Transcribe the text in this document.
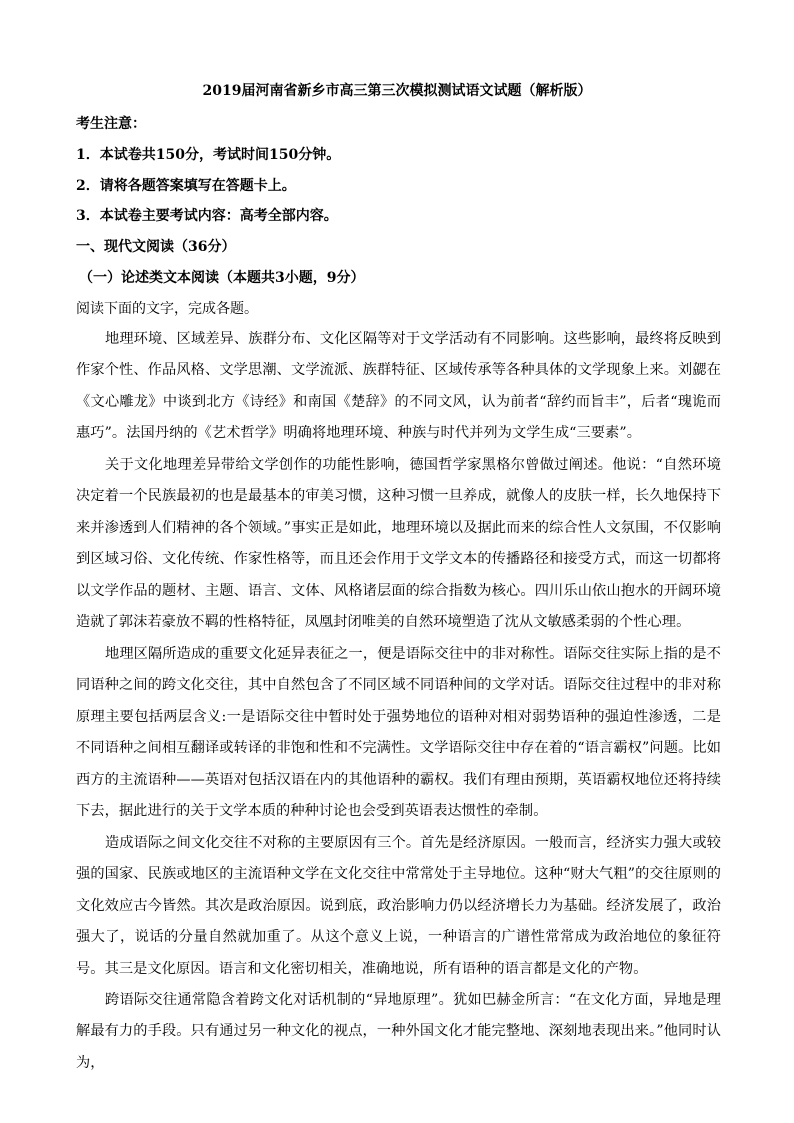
2019届河南省新乡市高三第三次模拟测试语文试题（解析版）
考生注意：
1．本试卷共150分，考试时间150分钟。
2．请将各题答案填写在答题卡上。
3．本试卷主要考试内容：高考全部内容。
一、现代文阅读（36分）
（一）论述类文本阅读（本题共3小题，9分）
阅读下面的文字，完成各题。

地理环境、区域差异、族群分布、文化区隔等对于文学活动有不同影响。这些影响，最终将反映到作家个性、作品风格、文学思潮、文学流派、族群特征、区域传承等各种具体的文学现象上来。刘勰在《文心雕龙》中谈到北方《诗经》和南国《楚辞》的不同文风，认为前者“辞约而旨丰”，后者“瑰诡而惠巧”。法国丹纳的《艺术哲学》明确将地理环境、种族与时代并列为文学生成“三要素”。

关于文化地理差异带给文学创作的功能性影响，德国哲学家黑格尔曾做过阐述。他说：“自然环境决定着一个民族最初的也是最基本的审美习惯，这种习惯一旦养成，就像人的皮肤一样，长久地保持下来并渗透到人们精神的各个领域。”事实正是如此，地理环境以及据此而来的综合性人文氛围，不仅影响到区域习俗、文化传统、作家性格等，而且还会作用于文学文本的传播路径和接受方式，而这一切都将以文学作品的题材、主题、语言、文体、风格诸层面的综合指数为核心。四川乐山依山抱水的开阔环境造就了郭沫若豪放不羁的性格特征，凤凰封闭唯美的自然环境塑造了沈从文敏感柔弱的个性心理。

地理区隔所造成的重要文化延异表征之一，便是语际交往中的非对称性。语际交往实际上指的是不同语种之间的跨文化交往，其中自然包含了不同区域不同语种间的文学对话。语际交往过程中的非对称原理主要包括两层含义:一是语际交往中暂时处于强势地位的语种对相对弱势语种的强迫性渗透，二是不同语种之间相互翻译或转译的非饱和性和不完满性。文学语际交往中存在着的“语言霸权”问题。比如西方的主流语种——英语对包括汉语在内的其他语种的霸权。我们有理由预期，英语霸权地位还将持续下去，据此进行的关于文学本质的种种讨论也会受到英语表达惯性的牵制。

造成语际之间文化交往不对称的主要原因有三个。首先是经济原因。一般而言，经济实力强大或较强的国家、民族或地区的主流语种文学在文化交往中常常处于主导地位。这种“财大气粗”的交往原则的文化效应古今皆然。其次是政治原因。说到底，政治影响力仍以经济增长力为基础。经济发展了，政治强大了，说话的分量自然就加重了。从这个意义上说，一种语言的广谱性常常成为政治地位的象征符号。其三是文化原因。语言和文化密切相关，准确地说，所有语种的语言都是文化的产物。

跨语际交往通常隐含着跨文化对话机制的“异地原理”。犹如巴赫金所言：“在文化方面，异地是理解最有力的手段。只有通过另一种文化的视点，一种外国文化才能完整地、深刻地表现出来。”他同时认为，
